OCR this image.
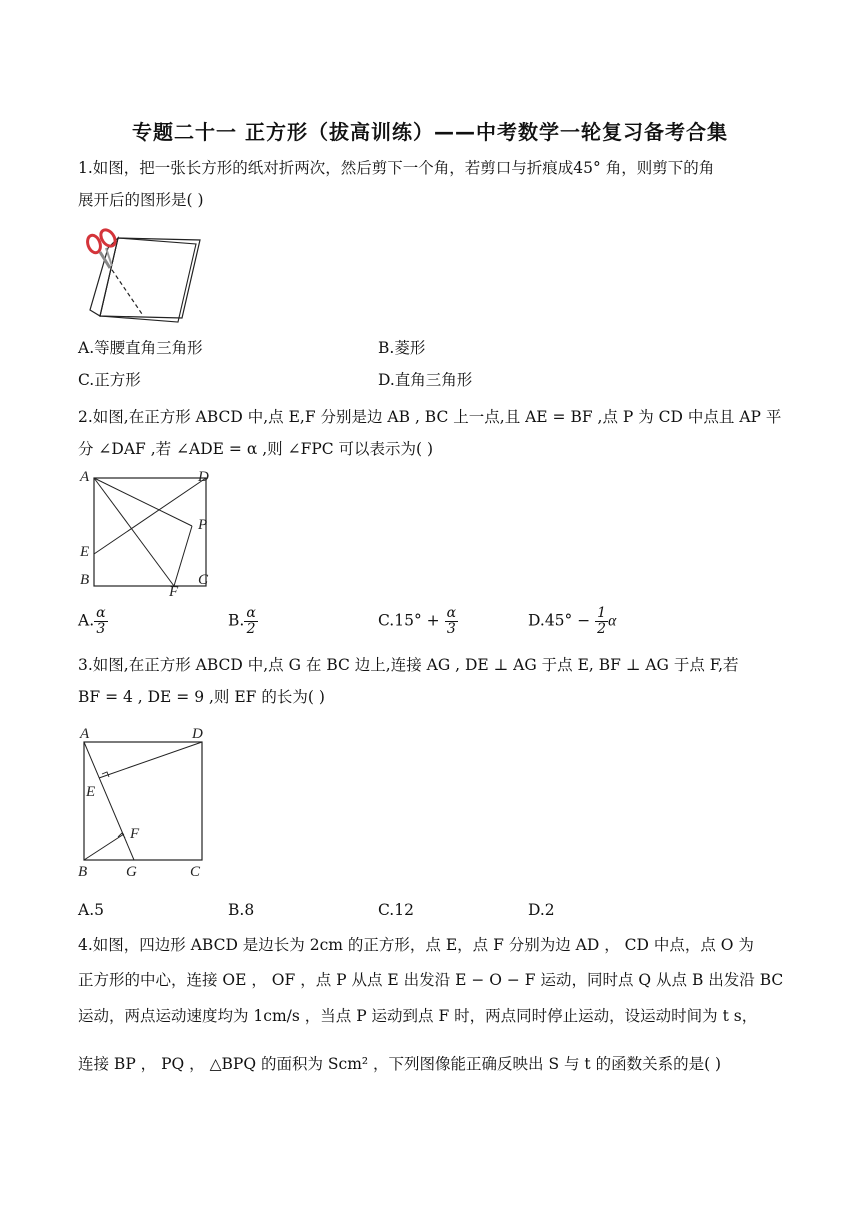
专题二十一 正方形（拔高训练）——中考数学一轮复习备考合集
1.如图，把一张长方形的纸对折两次，然后剪下一个角，若剪口与折痕成45° 角，则剪下的角
展开后的图形是( )
A.等腰直角三角形	B.菱形
C.正方形	D.直角三角形
2.如图,在正方形 ABCD 中,点 E,F 分别是边 AB , BC 上一点,且 AE = BF ,点 P 为 CD 中点且 AP 平
分 ∠DAF ,若 ∠ADE = α ,则 ∠FPC 可以表示为( )
A	D
P
E
B
F
C
A. $\frac{\alpha}{3}$	B. $\frac{\alpha}{2}$	$C.15^\circ + \frac{\alpha}{3}$	$D.45^\circ - \frac{1}{2}$ α
3.如图,在正方形 ABCD 中,点 G 在 BC 边上,连接 AG , DE ⊥ AG 于点 E, BF ⊥ AG 于点 F,若
BF = 4 , DE = 9 ,则 EF 的长为( )
A	D
E
F
B	G	C
A.5	B.8	C.12	D.2
4.如图，四边形 ABCD 是边长为 2cm 的正方形，点 E，点 F 分别为边 AD ， CD 中点，点 O 为
正方形的中心，连接 OE ， OF ，点 P 从点 E 出发沿 E − O − F 运动，同时点 Q 从点 B 出发沿 BC
运动，两点运动速度均为 1cm/s ，当点 P 运动到点 F 时，两点同时停止运动，设运动时间为 t s，
连接 BP ， PQ ， △BPQ 的面积为 Scm² ，下列图像能正确反映出 S 与 t 的函数关系的是( )
